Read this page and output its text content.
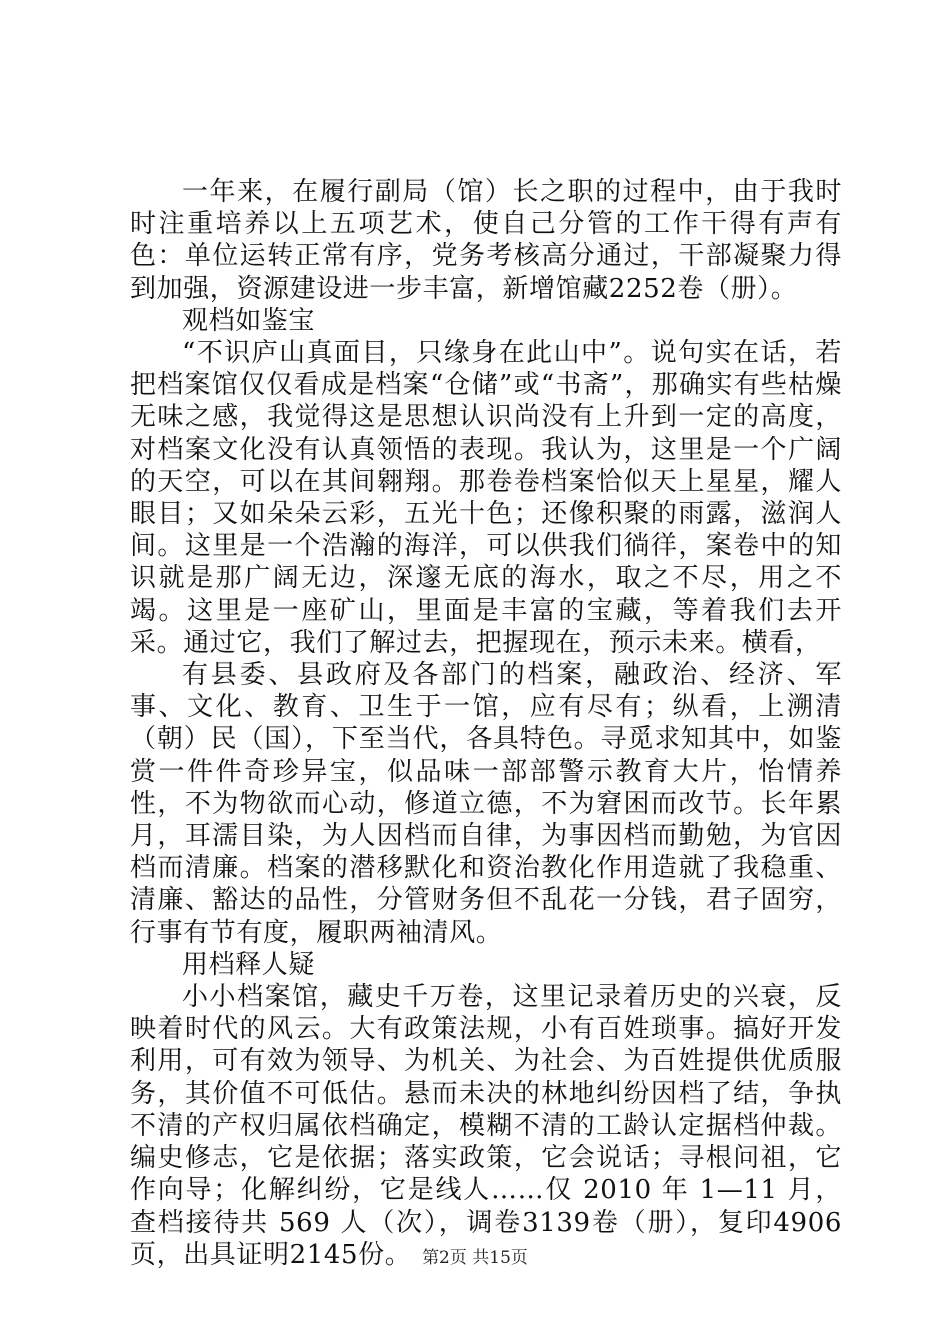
一年来，在履行副局（馆）长之职的过程中，由于我时时注重培养以上五项艺术，使自己分管的工作干得有声有色：单位运转正常有序，党务考核高分通过，干部凝聚力得到加强，资源建设进一步丰富，新增馆藏2252卷（册）。

观档如鉴宝

“不识庐山真面目，只缘身在此山中”。说句实在话，若把档案馆仅仅看成是档案“仓储”或“书斋”，那确实有些枯燥无味之感，我觉得这是思想认识尚没有上升到一定的高度，对档案文化没有认真领悟的表现。我认为，这里是一个广阔的天空，可以在其间翱翔。那卷卷档案恰似天上星星，耀人眼目；又如朵朵云彩，五光十色；还像积聚的雨露，滋润人间。这里是一个浩瀚的海洋，可以供我们徜徉，案卷中的知识就是那广阔无边，深邃无底的海水，取之不尽，用之不竭。这里是一座矿山，里面是丰富的宝藏，等着我们去开采。通过它，我们了解过去，把握现在，预示未来。横看，

有县委、县政府及各部门的档案，融政治、经济、军事、文化、教育、卫生于一馆，应有尽有；纵看，上溯清（朝）民（国），下至当代，各具特色。寻觅求知其中，如鉴赏一件件奇珍异宝，似品味一部部警示教育大片，怡情养性，不为物欲而心动，修道立德，不为窘困而改节。长年累月，耳濡目染，为人因档而自律，为事因档而勤勉，为官因档而清廉。档案的潜移默化和资治教化作用造就了我稳重、清廉、豁达的品性，分管财务但不乱花一分钱，君子固穷，行事有节有度，履职两袖清风。

用档释人疑

小小档案馆，藏史千万卷，这里记录着历史的兴衰，反映着时代的风云。大有政策法规，小有百姓琐事。搞好开发利用，可有效为领导、为机关、为社会、为百姓提供优质服务，其价值不可低估。悬而未决的林地纠纷因档了结，争执不清的产权归属依档确定，模糊不清的工龄认定据档仲裁。编史修志，它是依据；落实政策，它会说话；寻根问祖，它作向导；化解纠纷，它是线人……仅 2010 年 1—11 月，查档接待共 569 人（次），调卷3139卷（册），复印4906页，出具证明2145份。 第2页 共15页
